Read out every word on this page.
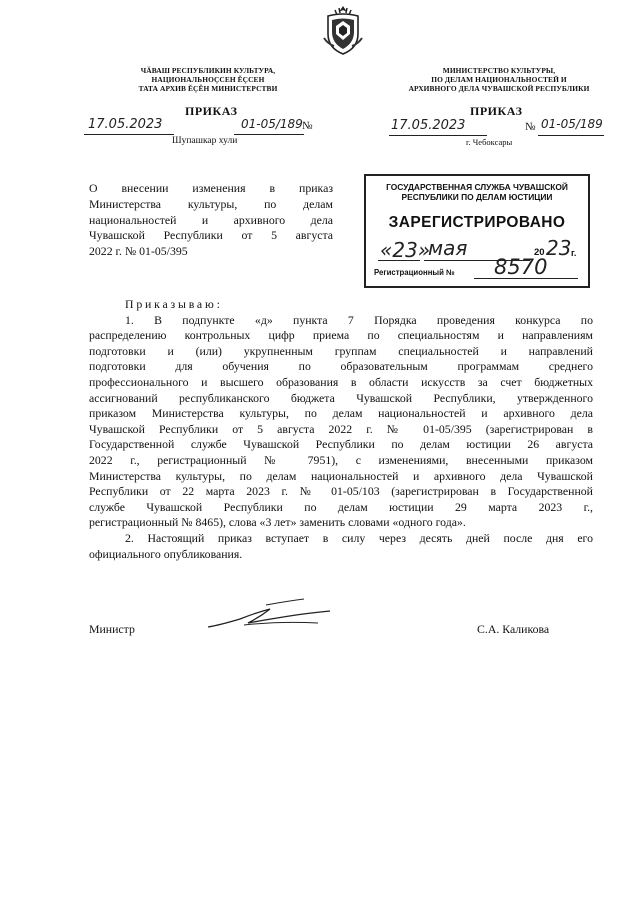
ЧӐВАШ РЕСПУБЛИКИН КУЛЬТУРА,
НАЦИОНАЛЬНОÇСЕН ĔÇСЕН
ТАТА АРХИВ ĔÇĔН МИНИСТЕРСТВИ
МИНИСТЕРСТВО КУЛЬТУРЫ,
ПО ДЕЛАМ НАЦИОНАЛЬНОСТЕЙ И
АРХИВНОГО ДЕЛА ЧУВАШСКОЙ РЕСПУБЛИКИ
ПРИКАЗ	ПРИКАЗ
17.05.2023	01-05/189 №
Шупашкар хули
17.05.2023	№ 01-05/189
г. Чебоксары
О внесении изменения в приказ
Министерства культуры, по делам
национальностей и архивного дела
Чувашской Республики от 5 августа
2022 г. № 01-05/395
ГОСУДАРСТВЕННАЯ СЛУЖБА ЧУВАШСКОЙ
РЕСПУБЛИКИ ПО ДЕЛАМ ЮСТИЦИИ
ЗАРЕГИСТРИРОВАНО
«23»
мая	20 23 г.
Регистрационный № 8570
Приказываю:
1. В подпункте «д» пункта 7 Порядка проведения конкурса по
распределению контрольных цифр приема по специальностям и направлениям
подготовки и (или) укрупненным группам специальностей и направлений
подготовки для обучения по образовательным программам среднего
профессионального и высшего образования в области искусств за счет бюджетных
ассигнований республиканского бюджета Чувашской Республики, утвержденного
приказом Министерства культуры, по делам национальностей и архивного дела
Чувашской Республики от 5 августа 2022 г. № 01-05/395 (зарегистрирован в
Государственной службе Чувашской Республики по делам юстиции 26 августа
2022 г., регистрационный № 7951), с изменениями, внесенными приказом
Министерства культуры, по делам национальностей и архивного дела Чувашской
Республики от 22 марта 2023 г. № 01-05/103 (зарегистрирован в Государственной
службе Чувашской Республики по делам юстиции 29 марта 2023 г.,
регистрационный № 8465), слова «3 лет» заменить словами «одного года».
2. Настоящий приказ вступает в силу через десять дней после дня его
официального опубликования.
Министр	С.А. Каликова
